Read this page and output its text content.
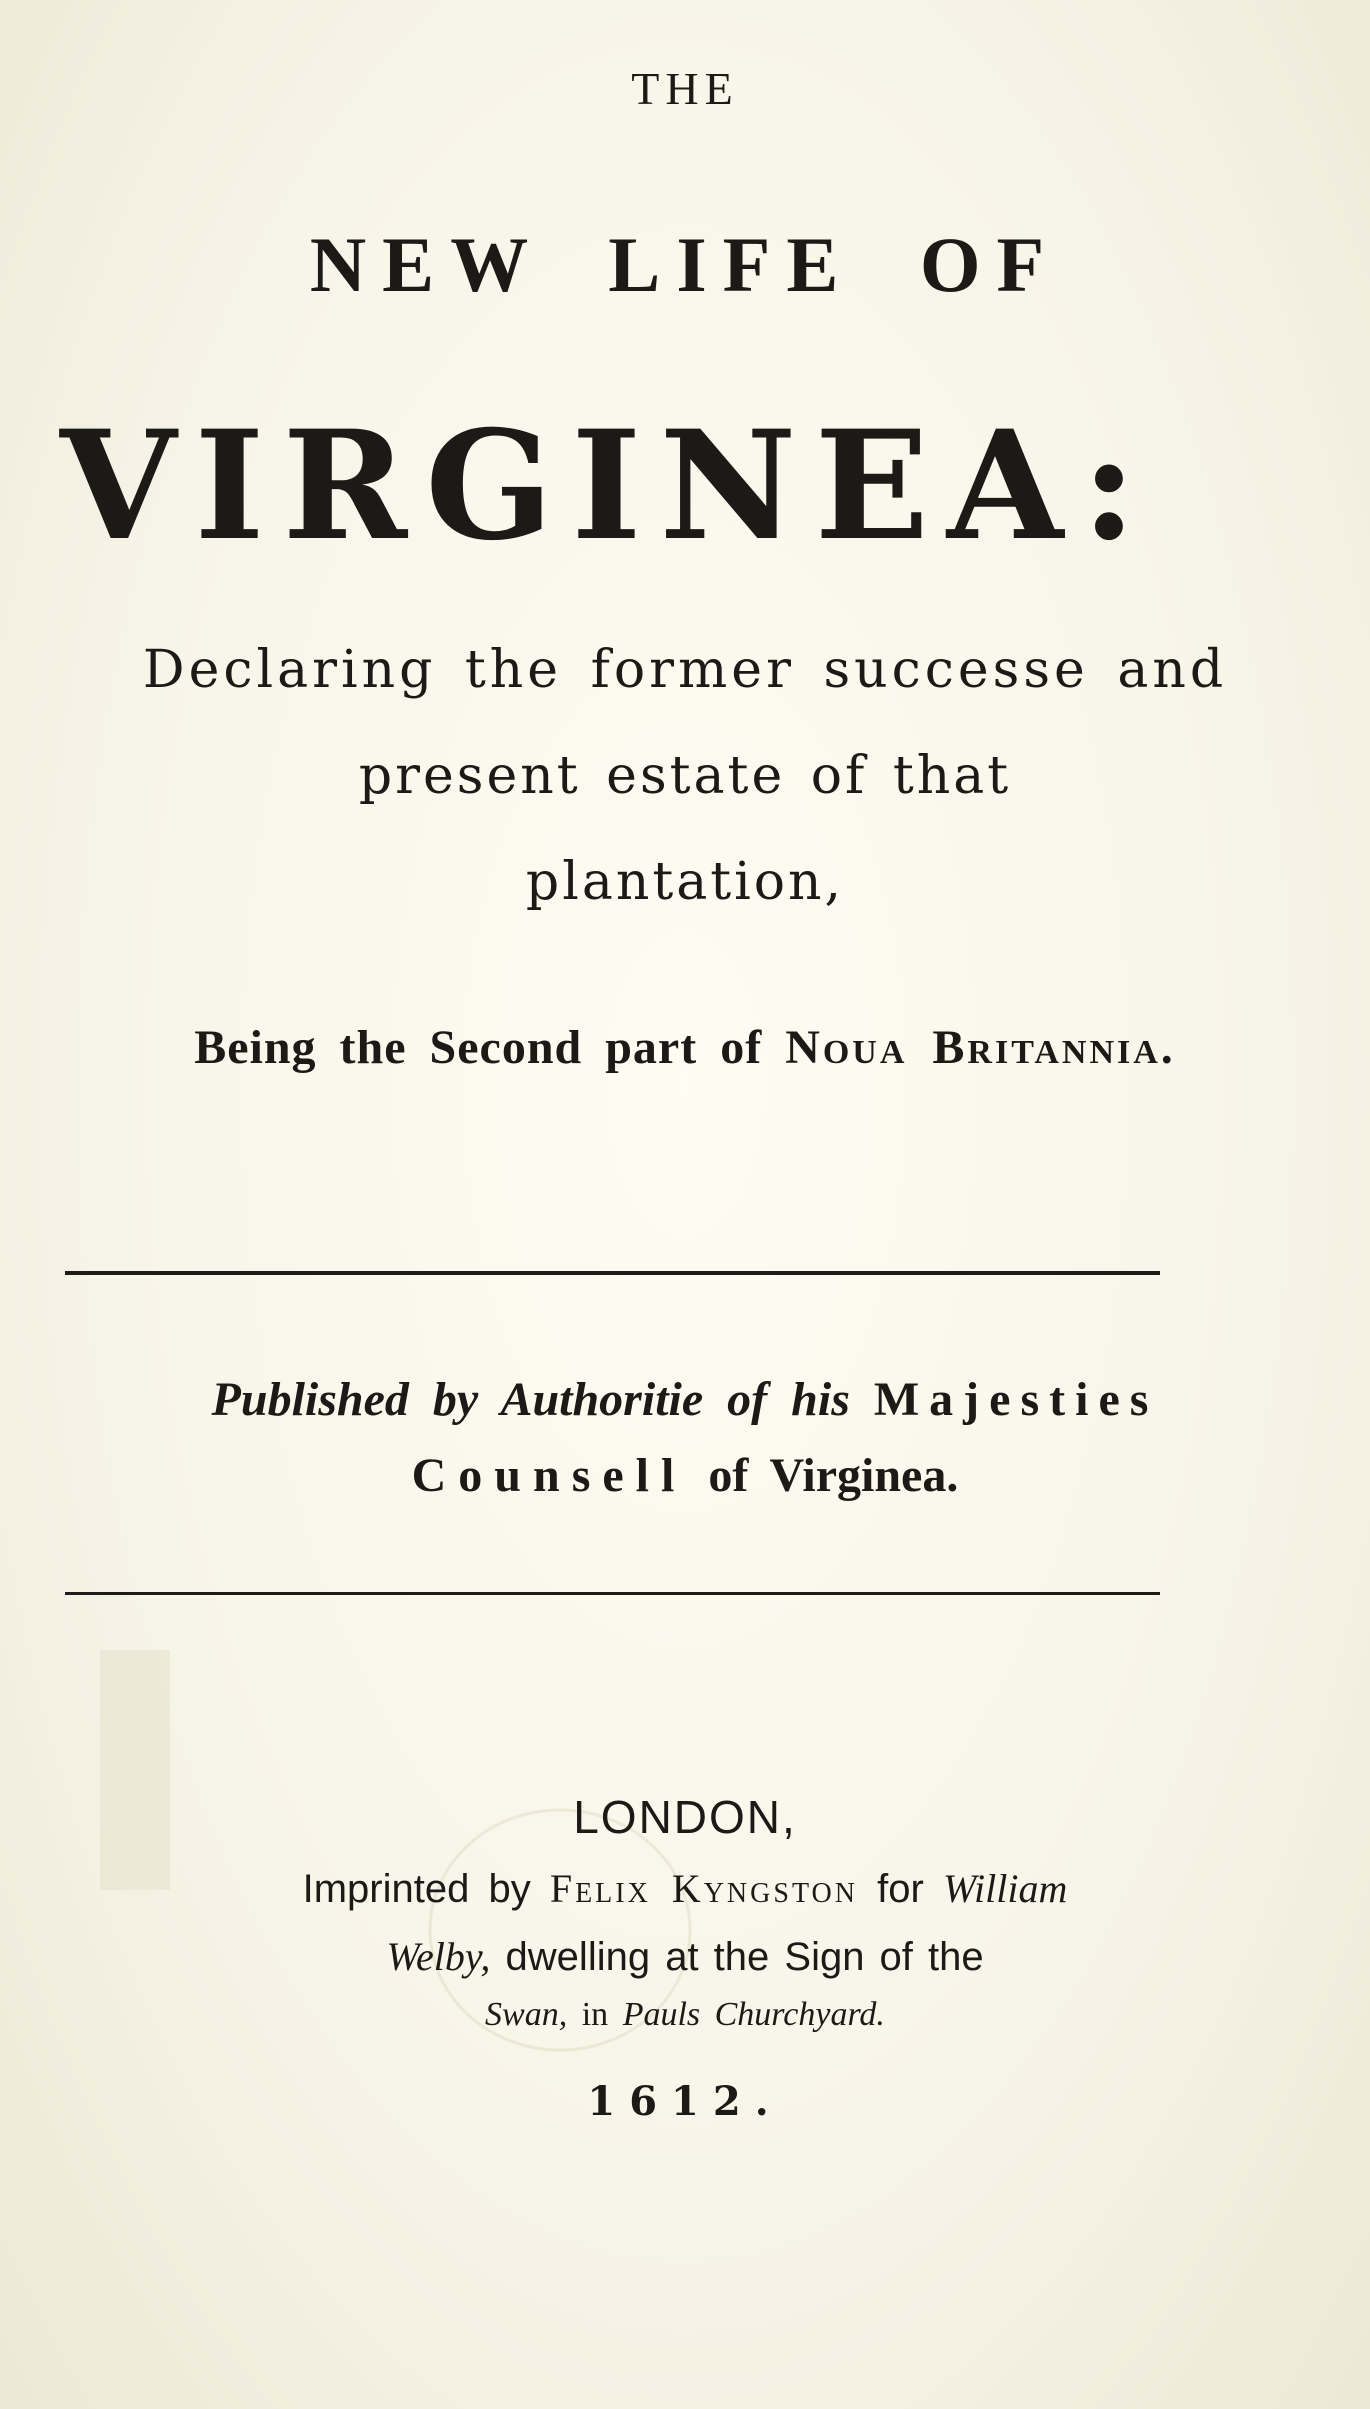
THE
NEW LIFE OF
VIRGINEA:
Declaring the former successe and
present estate of that
plantation,
Being the Second part of Noua Britannia.
Published by Authoritie of his Majesties
Counsell of Virginea.
LONDON,
Imprinted by Felix Kyngston for William
Welby, dwelling at the Sign of the
Swan, in Pauls Churchyard.
1612.
